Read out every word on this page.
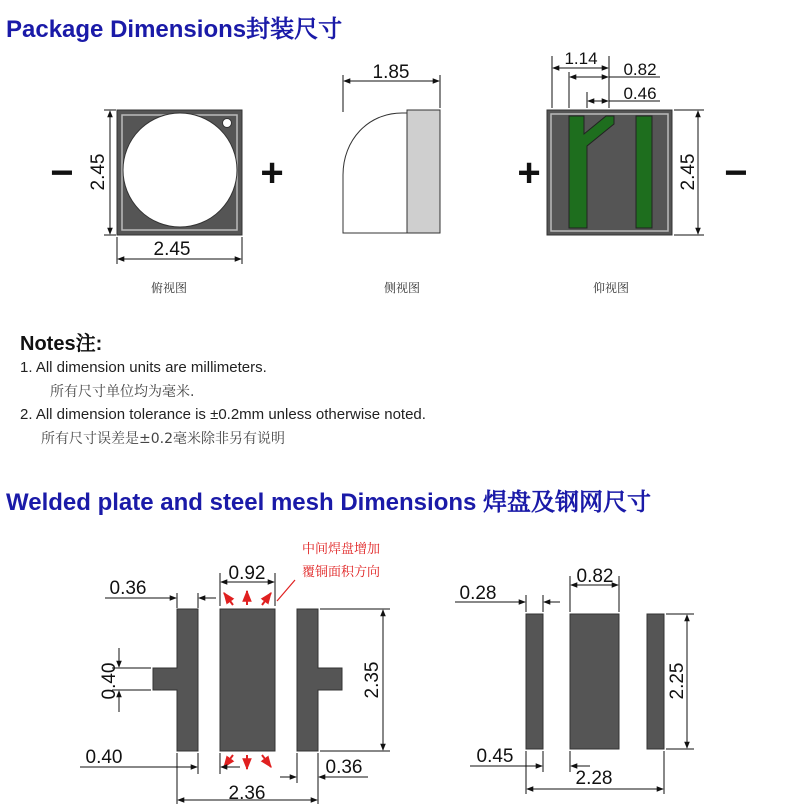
Package Dimensions封装尺寸
Welded plate and steel mesh Dimensions 焊盘及钢网尺寸
Notes注:
1. All dimension units are millimeters.
所有尺寸单位均为毫米.
2. All dimension tolerance is ±0.2mm unless otherwise noted.
所有尺寸误差是±0.2毫米除非另有说明
俯视图	侧视图	仰视图
2.45
2.45
−	+
1.85
1.14
0.82
0.46
2.45
+	−
中间焊盘增加
覆铜面积方向
0.36
0.92
0.40	2.35
0.40	0.36
2.36
0.28
0.82
2.25
0.45
2.28
